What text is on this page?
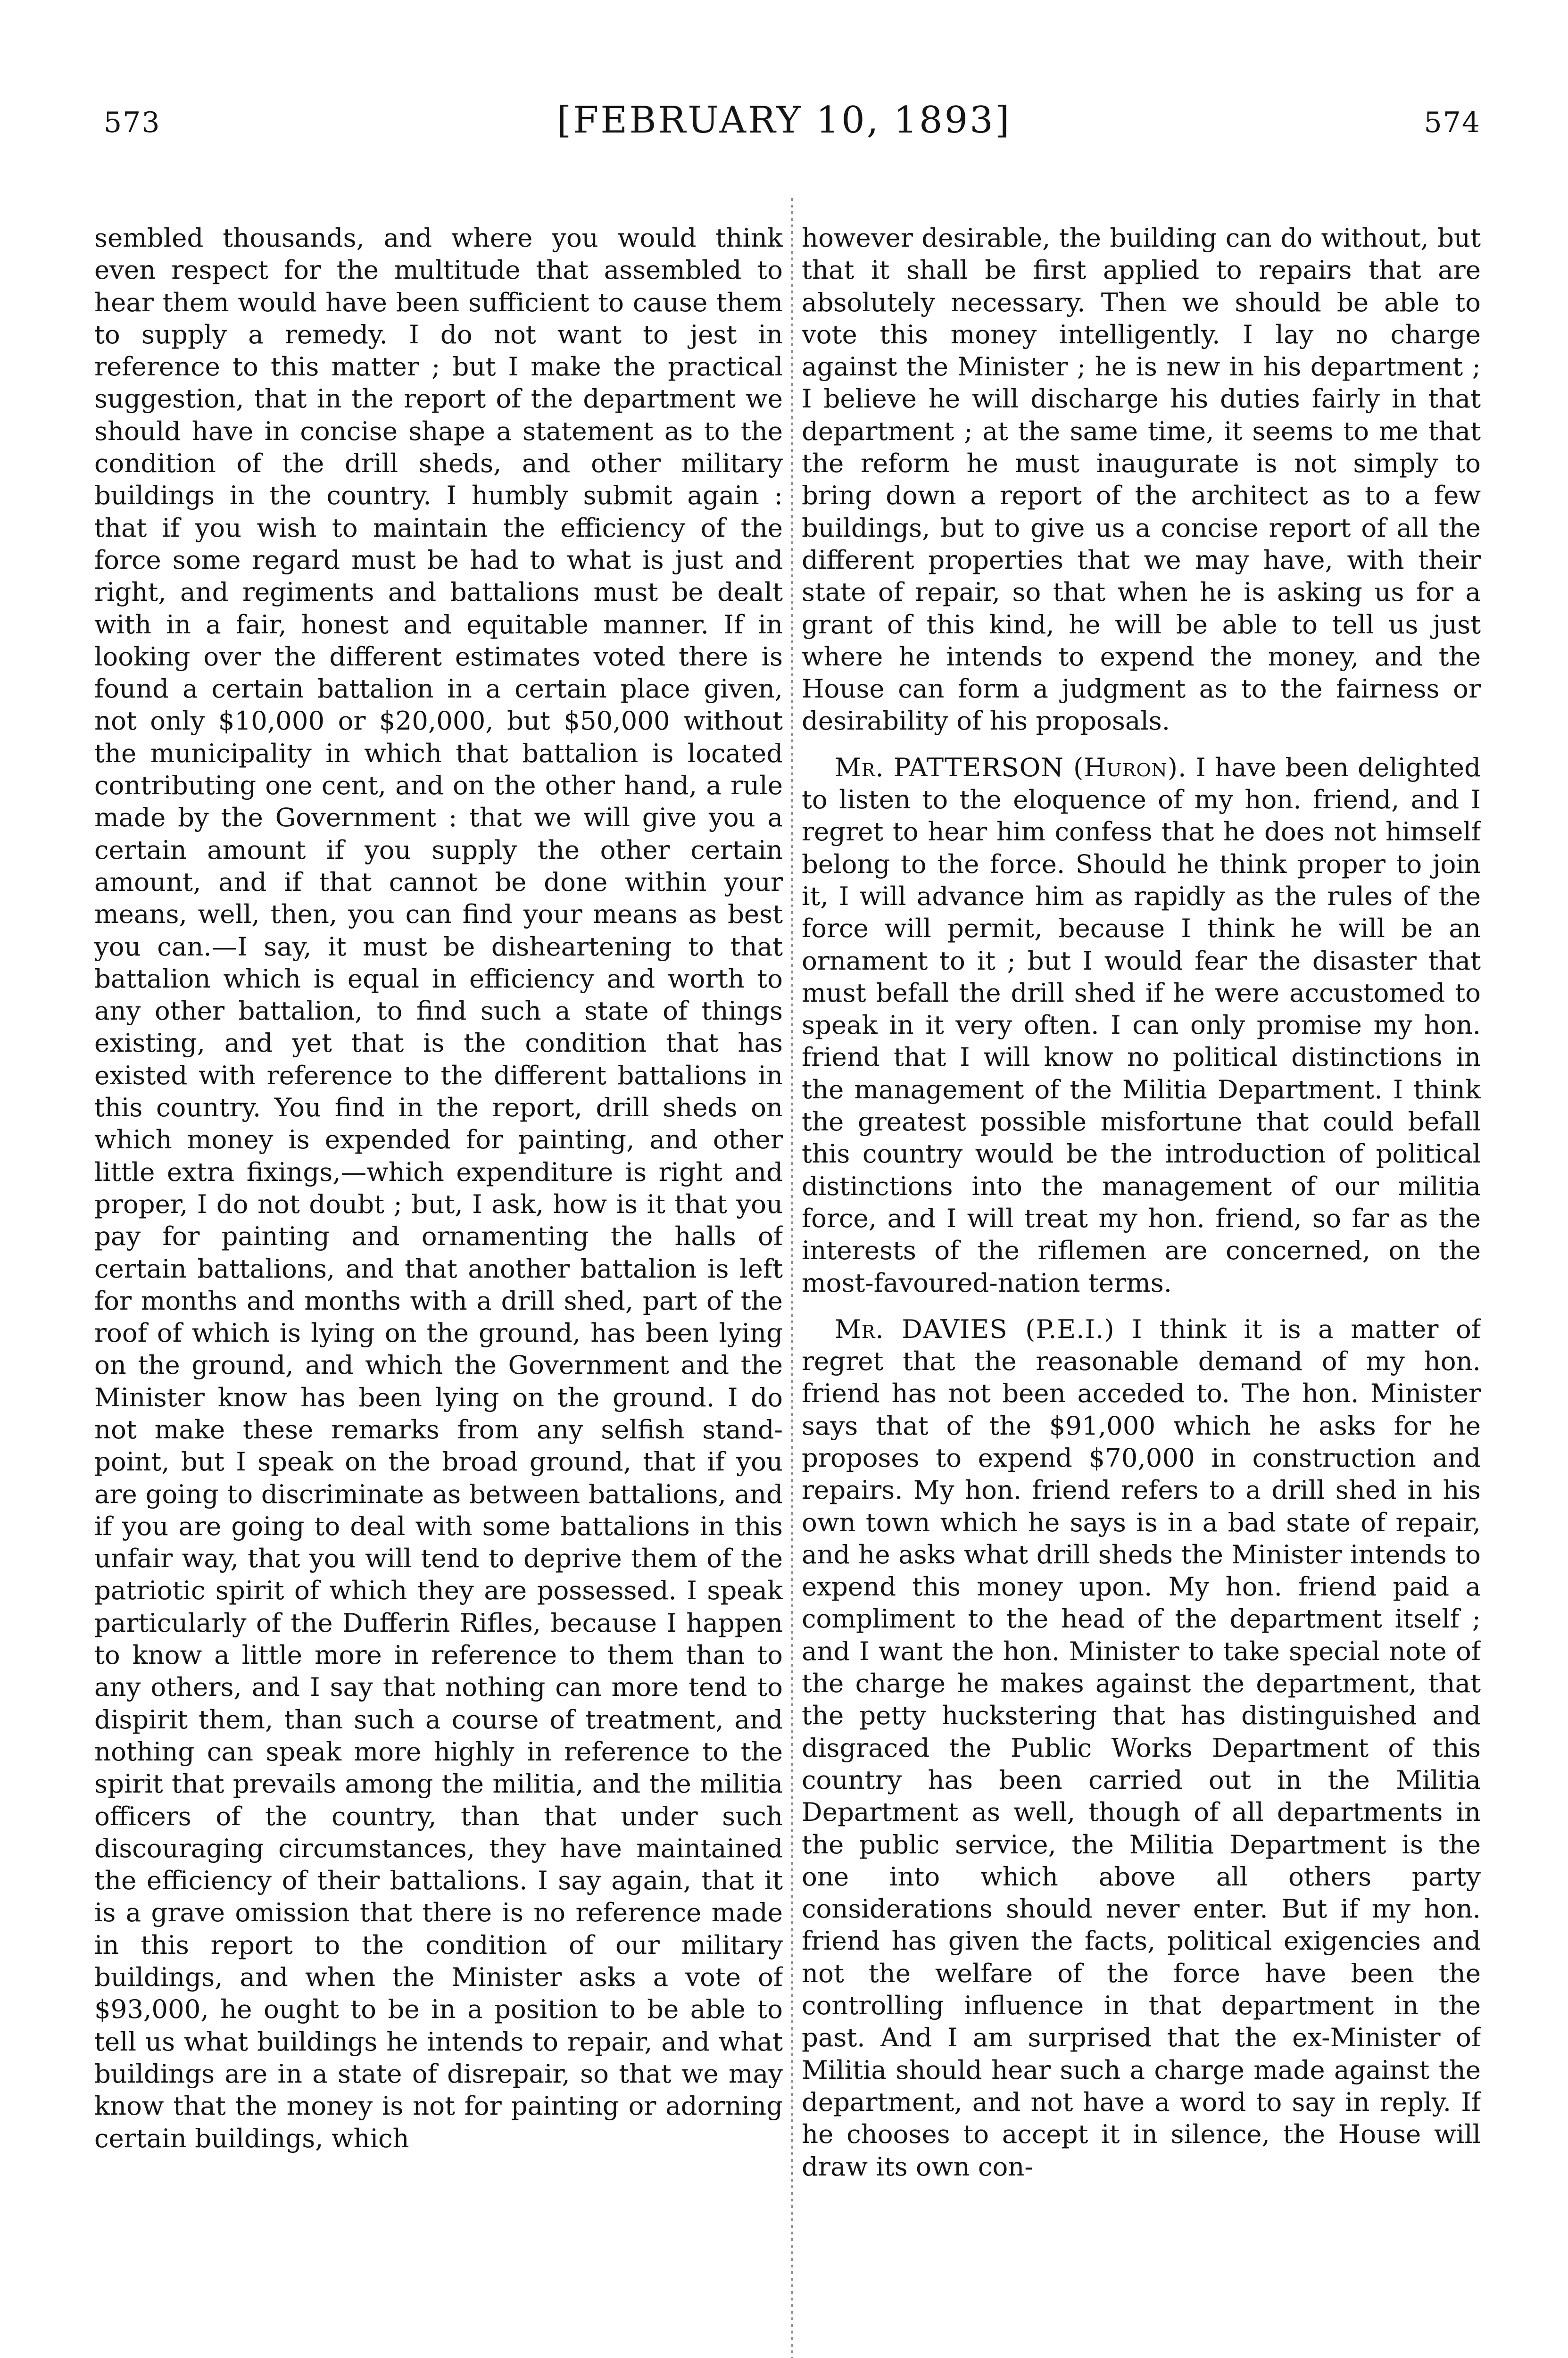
573	[FEBRUARY 10, 1893]	574

sembled thousands, and where you would think even respect for the multitude that assembled to hear them would have been sufficient to cause them to supply a remedy. I do not want to jest in reference to this matter ; but I make the practical suggestion, that in the report of the department we should have in concise shape a statement as to the condition of the drill sheds, and other military buildings in the country. I humbly submit again : that if you wish to maintain the efficiency of the force some regard must be had to what is just and right, and regiments and battalions must be dealt with in a fair, honest and equitable manner. If in looking over the different estimates voted there is found a certain battalion in a certain place given, not only $10,000 or $20,000, but $50,000 without the municipality in which that battalion is located contributing one cent, and on the other hand, a rule made by the Government : that we will give you a certain amount if you supply the other certain amount, and if that cannot be done within your means, well, then, you can find your means as best you can.—I say, it must be disheartening to that battalion which is equal in efficiency and worth to any other battalion, to find such a state of things existing, and yet that is the condition that has existed with reference to the different battalions in this country. You find in the report, drill sheds on which money is expended for painting, and other little extra fixings,—which expenditure is right and proper, I do not doubt ; but, I ask, how is it that you pay for painting and ornamenting the halls of certain battalions, and that another battalion is left for months and months with a drill shed, part of the roof of which is lying on the ground, has been lying on the ground, and which the Government and the Minister know has been lying on the ground. I do not make these remarks from any selfish stand-point, but I speak on the broad ground, that if you are going to discriminate as between battalions, and if you are going to deal with some battalions in this unfair way, that you will tend to deprive them of the patriotic spirit of which they are possessed. I speak particularly of the Dufferin Rifles, because I happen to know a little more in reference to them than to any others, and I say that nothing can more tend to dispirit them, than such a course of treatment, and nothing can speak more highly in reference to the spirit that prevails among the militia, and the militia officers of the country, than that under such discouraging circumstances, they have maintained the efficiency of their battalions. I say again, that it is a grave omission that there is no reference made in this report to the condition of our military buildings, and when the Minister asks a vote of $93,000, he ought to be in a position to be able to tell us what buildings he intends to repair, and what buildings are in a state of disrepair, so that we may know that the money is not for painting or adorning certain buildings, which

however desirable, the building can do without, but that it shall be first applied to repairs that are absolutely necessary. Then we should be able to vote this money intelligently. I lay no charge against the Minister ; he is new in his department ; I believe he will discharge his duties fairly in that department ; at the same time, it seems to me that the reform he must inaugurate is not simply to bring down a report of the architect as to a few buildings, but to give us a concise report of all the different properties that we may have, with their state of repair, so that when he is asking us for a grant of this kind, he will be able to tell us just where he intends to expend the money, and the House can form a judgment as to the fairness or desirability of his proposals.

Mr. PATTERSON (Huron). I have been delighted to listen to the eloquence of my hon. friend, and I regret to hear him confess that he does not himself belong to the force. Should he think proper to join it, I will advance him as rapidly as the rules of the force will permit, because I think he will be an ornament to it ; but I would fear the disaster that must befall the drill shed if he were accustomed to speak in it very often. I can only promise my hon. friend that I will know no political distinctions in the management of the Militia Department. I think the greatest possible misfortune that could befall this country would be the introduction of political distinctions into the management of our militia force, and I will treat my hon. friend, so far as the interests of the riflemen are concerned, on the most-favoured-nation terms.

Mr. DAVIES (P.E.I.) I think it is a matter of regret that the reasonable demand of my hon. friend has not been acceded to. The hon. Minister says that of the $91,000 which he asks for he proposes to expend $70,000 in construction and repairs. My hon. friend refers to a drill shed in his own town which he says is in a bad state of repair, and he asks what drill sheds the Minister intends to expend this money upon. My hon. friend paid a compliment to the head of the department itself ; and I want the hon. Minister to take special note of the charge he makes against the department, that the petty huckstering that has distinguished and disgraced the Public Works Department of this country has been carried out in the Militia Department as well, though of all departments in the public service, the Militia Department is the one into which above all others party considerations should never enter. But if my hon. friend has given the facts, political exigencies and not the welfare of the force have been the controlling influence in that department in the past. And I am surprised that the ex-Minister of Militia should hear such a charge made against the department, and not have a word to say in reply. If he chooses to accept it in silence, the House will draw its own con-
